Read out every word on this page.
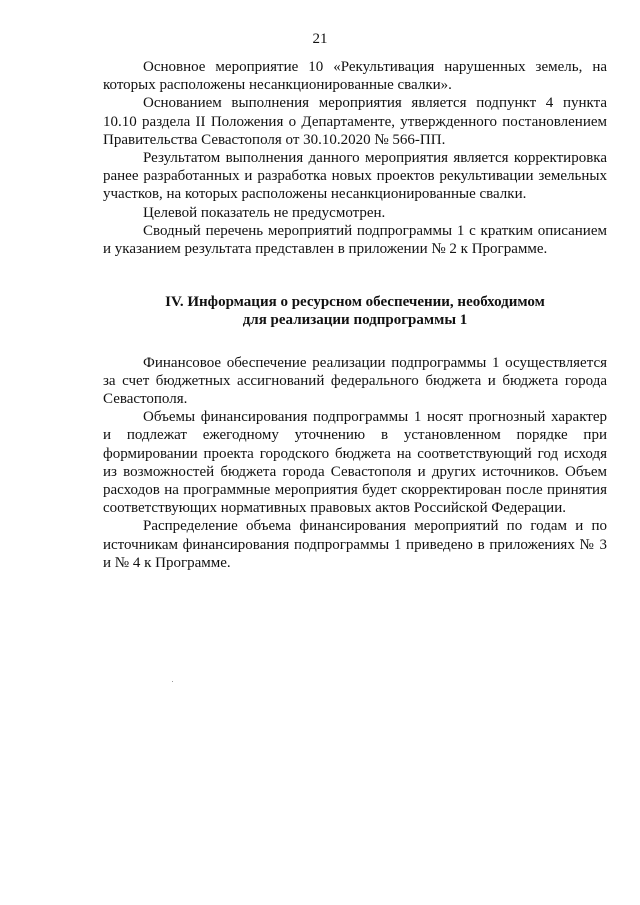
21

Основное мероприятие 10 «Рекультивация нарушенных земель, на которых расположены несанкционированные свалки».

Основанием выполнения мероприятия является подпункт 4 пункта 10.10 раздела II Положения о Департаменте, утвержденного постановлением Правительства Севастополя от 30.10.2020 № 566-ПП.

Результатом выполнения данного мероприятия является корректировка ранее разработанных и разработка новых проектов рекультивации земельных участков, на которых расположены несанкционированные свалки.

Целевой показатель не предусмотрен.

Сводный перечень мероприятий подпрограммы 1 с кратким описанием и указанием результата представлен в приложении № 2 к Программе.

IV. Информация о ресурсном обеспечении, необходимом
для реализации подпрограммы 1

Финансовое обеспечение реализации подпрограммы 1 осуществляется за счет бюджетных ассигнований федерального бюджета и бюджета города Севастополя.

Объемы финансирования подпрограммы 1 носят прогнозный характер и подлежат ежегодному уточнению в установленном порядке при формировании проекта городского бюджета на соответствующий год исходя из возможностей бюджета города Севастополя и других источников. Объем расходов на программные мероприятия будет скорректирован после принятия соответствующих нормативных правовых актов Российской Федерации.

Распределение объема финансирования мероприятий по годам и по источникам финансирования подпрограммы 1 приведено в приложениях № 3 и № 4 к Программе.
